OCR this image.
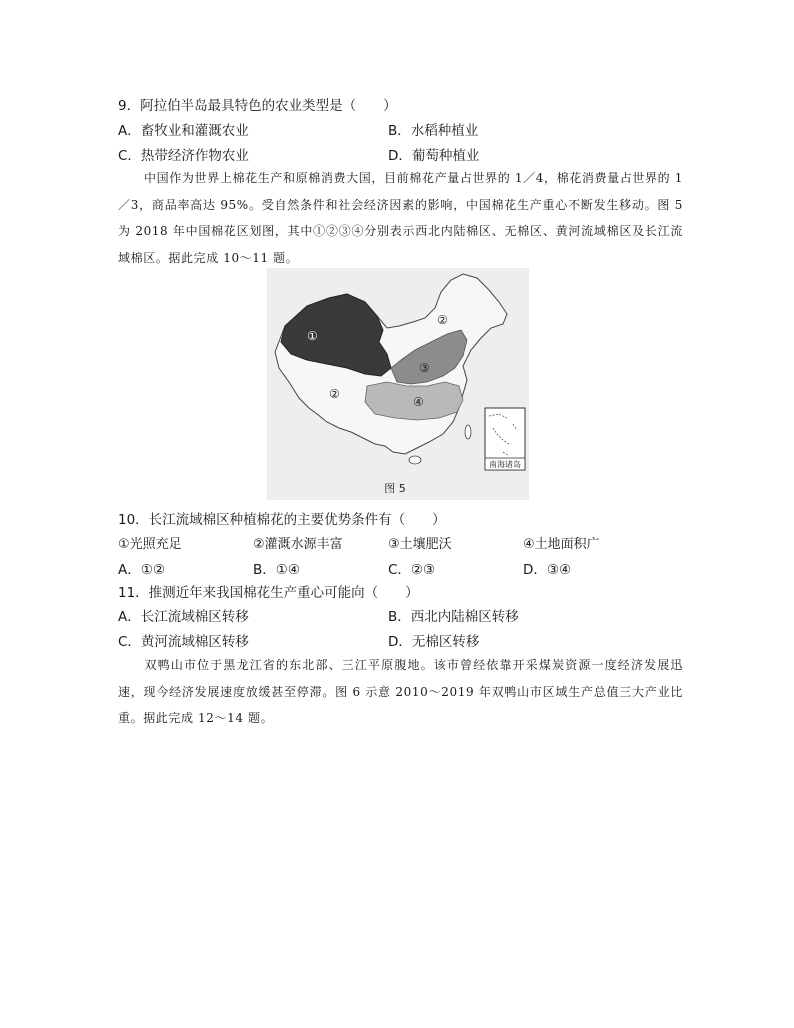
9．阿拉伯半岛最具特色的农业类型是（　　）
A．畜牧业和灌溉农业	B．水稻种植业
C．热带经济作物农业	D．葡萄种植业
中国作为世界上棉花生产和原棉消费大国，目前棉花产量占世界的 1／4，棉花消费量占世界的 1／3，商品率高达 95%。受自然条件和社会经济因素的影响，中国棉花生产重心不断发生移动。图 5 为 2018 年中国棉花区划图，其中①②③④分别表示西北内陆棉区、无棉区、黄河流域棉区及长江流域棉区。据此完成 10～11 题。
①
②
②
③
④
南海诸岛
图 5
10．长江流域棉区种植棉花的主要优势条件有（　　）
①光照充足	②灌溉水源丰富	③土壤肥沃	④土地面积广
A．①②	B．①④	C．②③	D．③④
11．推测近年来我国棉花生产重心可能向（　　）
A．长江流域棉区转移	B．西北内陆棉区转移
C．黄河流域棉区转移	D．无棉区转移
双鸭山市位于黑龙江省的东北部、三江平原腹地。该市曾经依靠开采煤炭资源一度经济发展迅速，现今经济发展速度放缓甚至停滞。图 6 示意 2010～2019 年双鸭山市区域生产总值三大产业比重。据此完成 12～14 题。
